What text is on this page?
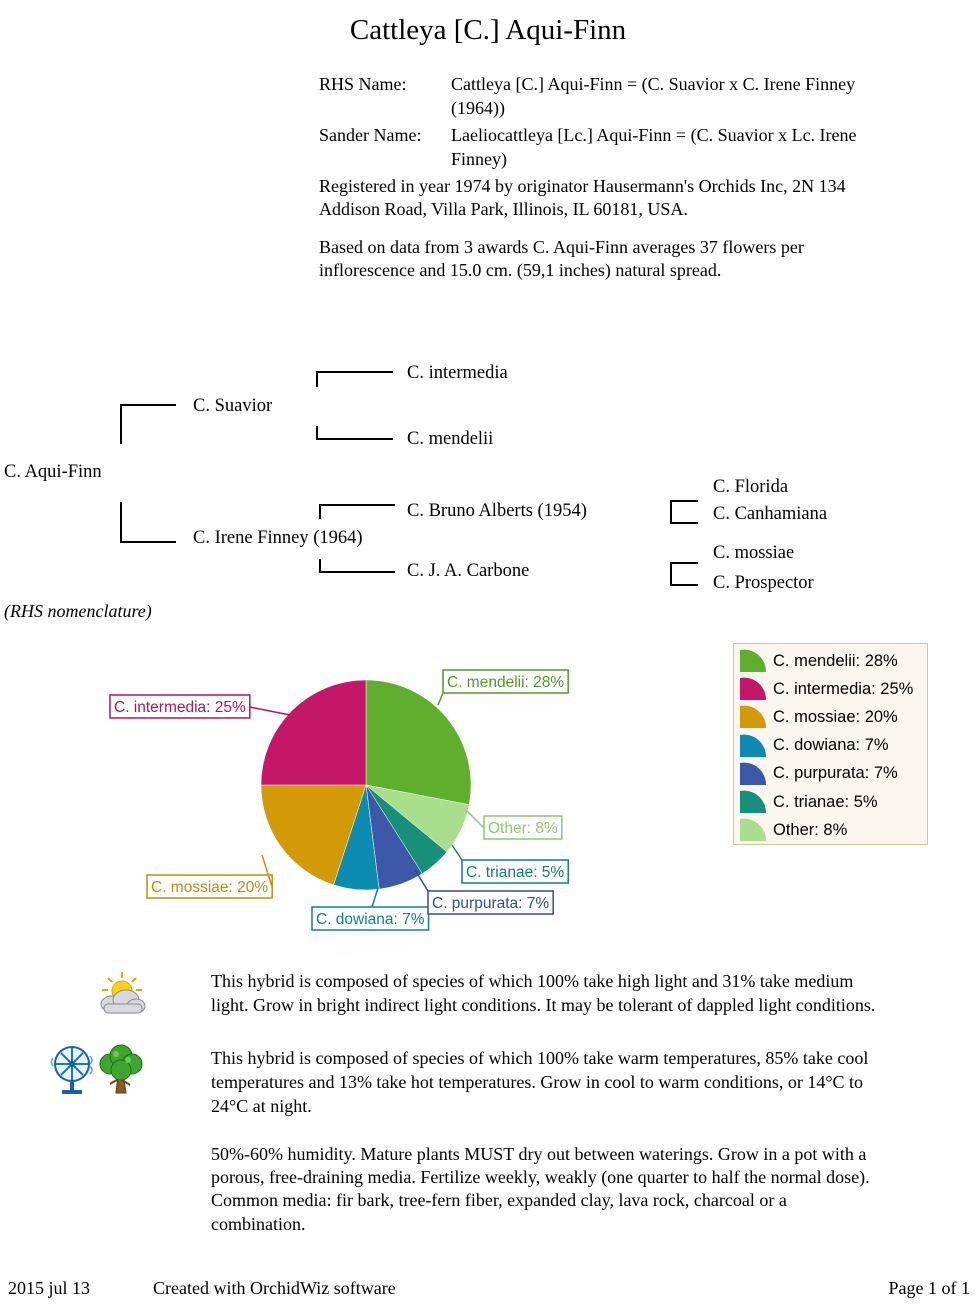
Cattleya [C.] Aqui-Finn
RHS Name:	Cattleya [C.] Aqui-Finn = (C. Suavior x C. Irene Finney
(1964))
Sander Name:	Laeliocattleya [Lc.] Aqui-Finn = (C. Suavior x Lc. Irene
Finney)
Registered in year 1974 by originator Hausermann's Orchids Inc, 2N 134
Addison Road, Villa Park, Illinois, IL 60181, USA.
Based on data from 3 awards C. Aqui-Finn averages 37 flowers per
inflorescence and 15.0 cm. (59,1 inches) natural spread.
C. Aqui-Finn
C. Suavior
C. Irene Finney (1964)
C. intermedia
C. mendelii
C. Bruno Alberts (1954)
C. J. A. Carbone
C. Florida
C. Canhamiana
C. mossiae
C. Prospector
(RHS nomenclature)
C. mendelii: 28%
C. intermedia: 25%
C. mossiae: 20%
C. dowiana: 7%
C. purpurata: 7%
C. trianae: 5%
Other: 8%
C. mendelii: 28%
C. intermedia: 25%
C. mossiae: 20%
C. dowiana: 7%
C. purpurata: 7%
C. trianae: 5%
Other: 8%
This hybrid is composed of species of which 100% take high light and 31% take medium
light. Grow in bright indirect light conditions. It may be tolerant of dappled light conditions.
This hybrid is composed of species of which 100% take warm temperatures, 85% take cool
temperatures and 13% take hot temperatures. Grow in cool to warm conditions, or 14°C to
24°C at night.
50%-60% humidity. Mature plants MUST dry out between waterings. Grow in a pot with a
porous, free-draining media. Fertilize weekly, weakly (one quarter to half the normal dose).
Common media: fir bark, tree-fern fiber, expanded clay, lava rock, charcoal or a
combination.
2015 jul 13	Created with OrchidWiz software	Page 1 of 1
